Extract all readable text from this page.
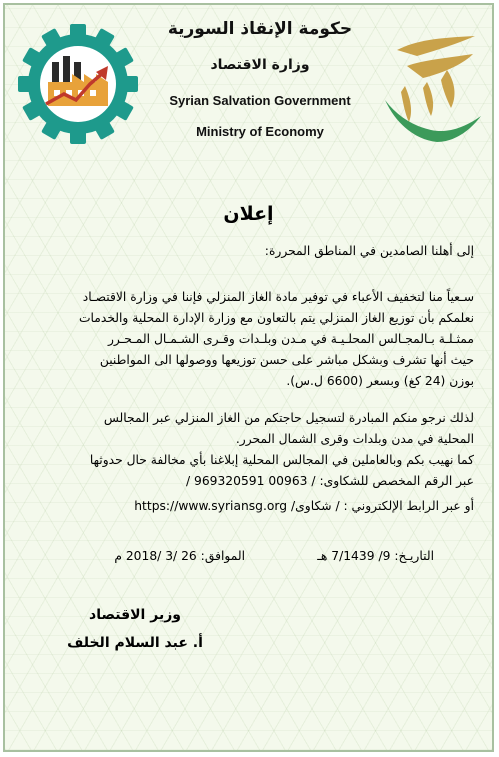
حكومة الإنقاذ السورية
وزارة الاقتصاد
Syrian Salvation Government
Ministry of Economy
إعلان
إلى أهلنا الصامدين في المناطق المحررة:
سـعياً منا لتخفيف الأعباء في توفير مادة الغاز المنزلي فإننا في وزارة الاقتصـاد
نعلمكم بأن توزيع الغاز المنزلي يتم بالتعاون مع وزارة الإدارة المحلية والخدمات
ممثـلـة بـالمجـالس المحلـيـة في مـدن وبلـدات وقـرى الشـمـال المـحـرر
حيث أنها تشرف وبشكل مباشر على حسن توزيعها ووصولها الى المواطنين
بوزن (24 كغ) وبسعر (6600 ل.س).
لذلك نرجو منكم المبادرة لتسجيل حاجتكم من الغاز المنزلي عبر المجالس
المحلية في مدن وبلدات وقرى الشمال المحرر.
كما نهيب بكم وبالعاملين في المجالس المحلية إبلاغنا بأي مخالفة حال حدوثها
عبر الرقم المخصص للشكاوى: / 00963 969320591 /
أو عبر الرابط الإلكتروني : / شكاوى/ https://www.syriansg.org
التاريـخ: 9/ 7/1439 هـ
الموافق: 26 /3 /2018 م
وزير الاقتصاد
أ. عبد السلام الخلف
